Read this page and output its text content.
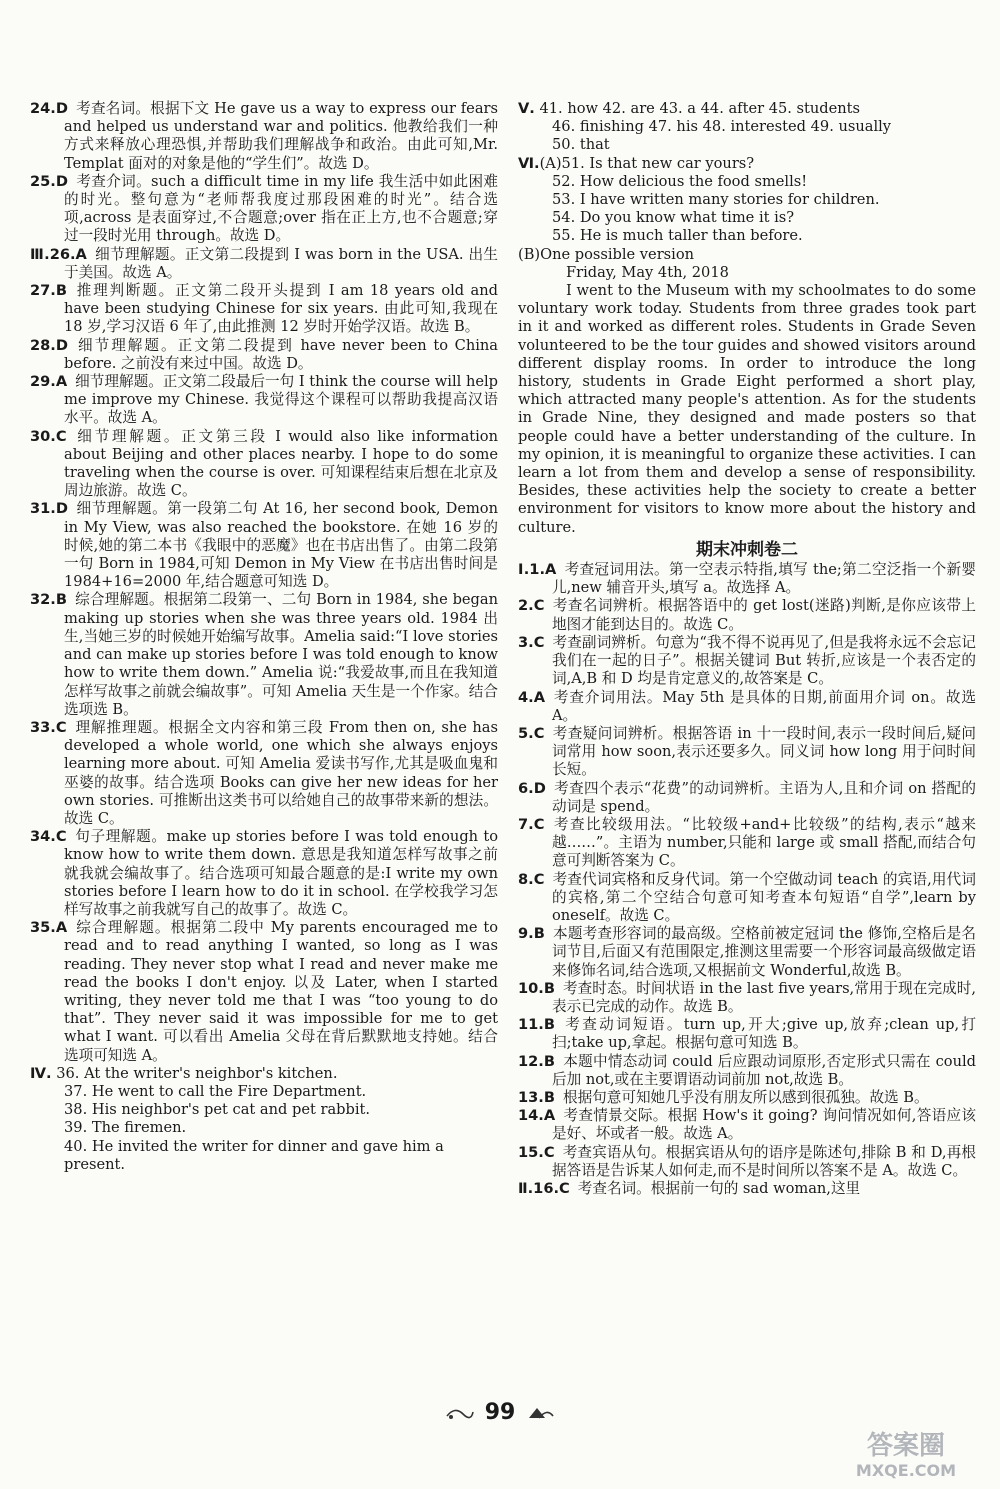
24.D 考查名词。根据下文 He gave us a way to express our fears and helped us understand war and politics. 他教给我们一种方式来释放心理恐惧,并帮助我们理解战争和政治。由此可知,Mr. Templat 面对的对象是他的“学生们”。故选 D。

25.D 考查介词。such a difficult time in my life 我生活中如此困难的时光。整句意为“老师帮我度过那段困难的时光”。结合选项,across 是表面穿过,不合题意;over 指在正上方,也不合题意;穿过一段时光用 through。故选 D。

Ⅲ.26.A 细节理解题。正文第二段提到 I was born in the USA. 出生于美国。故选 A。

27.B 推理判断题。正文第二段开头提到 I am 18 years old and have been studying Chinese for six years. 由此可知,我现在 18 岁,学习汉语 6 年了,由此推测 12 岁时开始学汉语。故选 B。

28.D 细节理解题。正文第二段提到 have never been to China before. 之前没有来过中国。故选 D。

29.A 细节理解题。正文第二段最后一句 I think the course will help me improve my Chinese. 我觉得这个课程可以帮助我提高汉语水平。故选 A。

30.C 细节理解题。正文第三段 I would also like information about Beijing and other places nearby. I hope to do some traveling when the course is over. 可知课程结束后想在北京及周边旅游。故选 C。

31.D 细节理解题。第一段第二句 At 16, her second book, Demon in My View, was also reached the bookstore. 在她 16 岁的时候,她的第二本书《我眼中的恶魔》也在书店出售了。由第二段第一句 Born in 1984,可知 Demon in My View 在书店出售时间是 1984+16=2000 年,结合题意可知选 D。

32.B 综合理解题。根据第二段第一、二句 Born in 1984, she began making up stories when she was three years old. 1984 出生,当她三岁的时候她开始编写故事。Amelia said:“I love stories and can make up stories before I was told enough to know how to write them down.” Amelia 说:“我爱故事,而且在我知道怎样写故事之前就会编故事”。可知 Amelia 天生是一个作家。结合选项选 B。

33.C 理解推理题。根据全文内容和第三段 From then on, she has developed a whole world, one which she always enjoys learning more about. 可知 Amelia 爱读书写作,尤其是吸血鬼和巫婆的故事。结合选项 Books can give her new ideas for her own stories. 可推断出这类书可以给她自己的故事带来新的想法。故选 C。

34.C 句子理解题。make up stories before I was told enough to know how to write them down. 意思是我知道怎样写故事之前就我就会编故事了。结合选项可知最合题意的是:I write my own stories before I learn how to do it in school. 在学校我学习怎样写故事之前我就写自己的故事了。故选 C。

35.A 综合理解题。根据第二段中 My parents encouraged me to read and to read anything I wanted, so long as I was reading. They never stop what I read and never make me read the books I don't enjoy. 以及 Later, when I started writing, they never told me that I was “too young to do that”. They never said it was impossible for me to get what I want. 可以看出 Amelia 父母在背后默默地支持她。结合选项可知选 A。

Ⅳ. 36. At the writer's neighbor's kitchen.

37. He went to call the Fire Department.

38. His neighbor's pet cat and pet rabbit.

39. The firemen.

40. He invited the writer for dinner and gave him a present.

Ⅴ. 41. how 42. are 43. a 44. after 45. students

46. finishing 47. his 48. interested 49. usually

50. that

Ⅵ.(A)51. Is that new car yours?

52. How delicious the food smells!

53. I have written many stories for children.

54. Do you know what time it is?

55. He is much taller than before.

(B)One possible version

Friday, May 4th, 2018

I went to the Museum with my schoolmates to do some voluntary work today. Students from three grades took part in it and worked as different roles. Students in Grade Seven volunteered to be the tour guides and showed visitors around different display rooms. In order to introduce the long history, students in Grade Eight performed a short play, which attracted many people's attention. As for the students in Grade Nine, they designed and made posters so that people could have a better understanding of the culture. In my opinion, it is meaningful to organize these activities. I can learn a lot from them and develop a sense of responsibility. Besides, these activities help the society to create a better environment for visitors to know more about the history and culture.

期末冲刺卷二

Ⅰ.1.A 考查冠词用法。第一空表示特指,填写 the;第二空泛指一个新婴儿,new 辅音开头,填写 a。故选择 A。

2.C 考查名词辨析。根据答语中的 get lost(迷路)判断,是你应该带上地图才能到达目的。故选 C。

3.C 考查副词辨析。句意为“我不得不说再见了,但是我将永远不会忘记我们在一起的日子”。根据关键词 But 转折,应该是一个表否定的词,A,B 和 D 均是肯定意义的,故答案是 C。

4.A 考查介词用法。May 5th 是具体的日期,前面用介词 on。故选 A。

5.C 考查疑问词辨析。根据答语 in 十一段时间,表示一段时间后,疑问词常用 how soon,表示还要多久。同义词 how long 用于问时间长短。

6.D 考查四个表示“花费”的动词辨析。主语为人,且和介词 on 搭配的动词是 spend。

7.C 考查比较级用法。“比较级+and+比较级”的结构,表示“越来越……”。主语为 number,只能和 large 或 small 搭配,而结合句意可判断答案为 C。

8.C 考查代词宾格和反身代词。第一个空做动词 teach 的宾语,用代词的宾格,第二个空结合句意可知考查本句短语“自学”,learn by oneself。故选 C。

9.B 本题考查形容词的最高级。空格前被定冠词 the 修饰,空格后是名词节目,后面又有范围限定,推测这里需要一个形容词最高级做定语来修饰名词,结合选项,又根据前文 Wonderful,故选 B。

10.B 考查时态。时间状语 in the last five years,常用于现在完成时,表示已完成的动作。故选 B。

11.B 考查动词短语。turn up,开大;give up,放弃;clean up,打扫;take up,拿起。根据句意可知选 B。

12.B 本题中情态动词 could 后应跟动词原形,否定形式只需在 could 后加 not,或在主要谓语动词前加 not,故选 B。

13.B 根据句意可知她几乎没有朋友所以感到很孤独。故选 B。

14.A 考查情景交际。根据 How's it going? 询问情况如何,答语应该是好、坏或者一般。故选 A。

15.C 考查宾语从句。根据宾语从句的语序是陈述句,排除 B 和 D,再根据答语是告诉某人如何走,而不是时间所以答案不是 A。故选 C。

Ⅱ.16.C 考查名词。根据前一句的 sad woman,这里

99
答案圈
MXQE.COM
